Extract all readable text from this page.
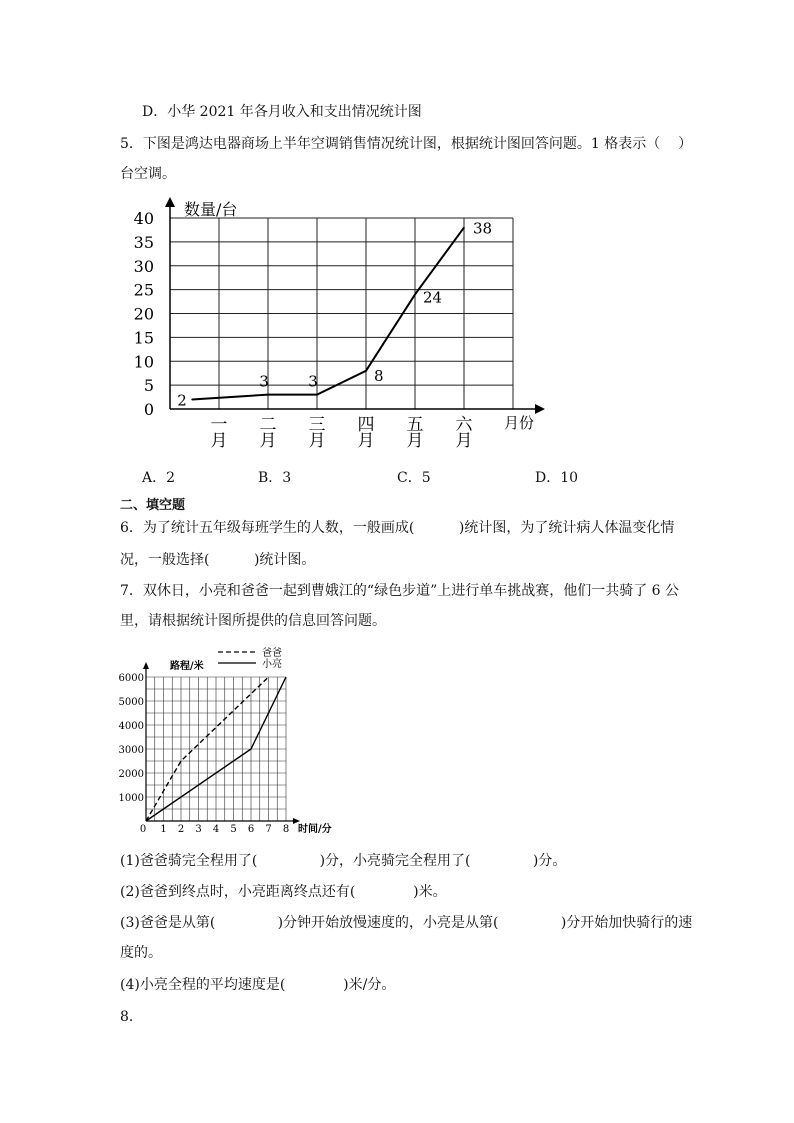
D．小华 2021 年各月收入和支出情况统计图
5．下图是鸿达电器商场上半年空调销售情况统计图，根据统计图回答问题。1 格表示（    ）
台空调。
数量/台
月份
0
5
10
15
20
25
30
35
40
一
月
二
月
三
月
四
月
五
月
六
月
2
3	3	8
24
38
A．2	B．3	C．5	D．10
二、填空题
6．为了统计五年级每班学生的人数，一般画成(          )统计图，为了统计病人体温变化情
况，一般选择(          )统计图。
7．双休日，小亮和爸爸一起到曹娥江的“绿色步道”上进行单车挑战赛，他们一共骑了 6 公
里，请根据统计图所提供的信息回答问题。
路程/米
时间/分
爸爸
小亮
1000
2000
3000
4000
5000
6000
0 1 2 3 4 5 6 7 8
(1)爸爸骑完全程用了(              )分，小亮骑完全程用了(              )分。
(2)爸爸到终点时，小亮距离终点还有(             )米。
(3)爸爸是从第(              )分钟开始放慢速度的，小亮是从第(              )分开始加快骑行的速
度的。
(4)小亮全程的平均速度是(             )米/分。
8．
